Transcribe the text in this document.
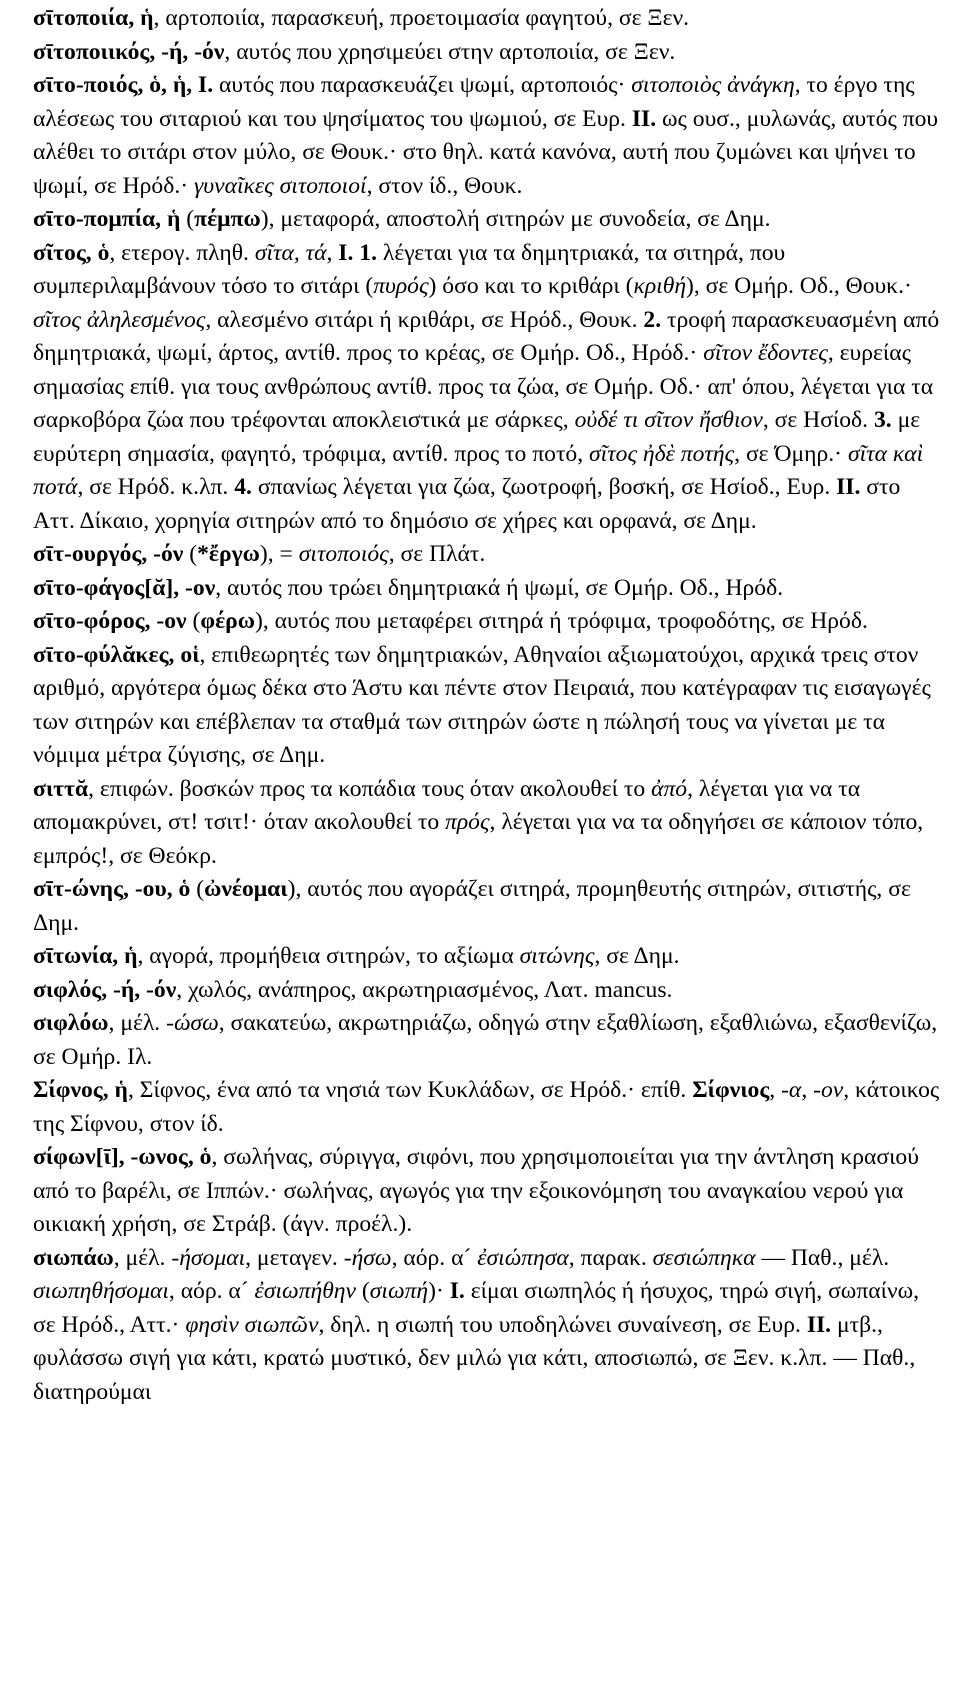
σῑτοποιία, ἡ, αρτοποιία, παρασκευή, προετοιμασία φαγητού, σε Ξεν.

σῑτοποιικός, -ή, -όν, αυτός που χρησιμεύει στην αρτοποιία, σε Ξεν.

σῑτο-ποιός, ὁ, ἡ, Ι. αυτός που παρασκευάζει ψωμί, αρτοποιός· σιτοποιὸς ἀνάγκη, το έργο της αλέσεως του σιταριού και του ψησίματος του ψωμιού, σε Ευρ. ΙΙ. ως ουσ., μυλωνάς, αυτός που αλέθει το σιτάρι στον μύλο, σε Θουκ.· στο θηλ. κατά κανόνα, αυτή που ζυμώνει και ψήνει το ψωμί, σε Ηρόδ.· γυναῖκες σιτοποιοί, στον ίδ., Θουκ.

σῑτο-πομπία, ἡ (πέμπω), μεταφορά, αποστολή σιτηρών με συνοδεία, σε Δημ.

σῖτος, ὁ, ετερογ. πληθ. σῖτα, τά, Ι. 1. λέγεται για τα δημητριακά, τα σιτηρά, που συμπεριλαμβάνουν τόσο το σιτάρι (πυρός) όσο και το κριθάρι (κριθή), σε Ομήρ. Οδ., Θουκ.· σῖτος ἀληλεσμένος, αλεσμένο σιτάρι ή κριθάρι, σε Ηρόδ., Θουκ. 2. τροφή παρασκευασμένη από δημητριακά, ψωμί, άρτος, αντίθ. προς το κρέας, σε Ομήρ. Οδ., Ηρόδ.· σῖτον ἔδοντες, ευρείας σημασίας επίθ. για τους ανθρώπους αντίθ. προς τα ζώα, σε Ομήρ. Οδ.· απ' όπου, λέγεται για τα σαρκοβόρα ζώα που τρέφονται αποκλειστικά με σάρκες, οὐδέ τι σῖτον ἤσθιον, σε Ησίοδ. 3. με ευρύτερη σημασία, φαγητό, τρόφιμα, αντίθ. προς το ποτό, σῖτος ἠδὲ ποτής, σε Όμηρ.· σῖτα καὶ ποτά, σε Ηρόδ. κ.λπ. 4. σπανίως λέγεται για ζώα, ζωοτροφή, βοσκή, σε Ησίοδ., Ευρ. ΙΙ. στο Αττ. Δίκαιο, χορηγία σιτηρών από το δημόσιο σε χήρες και ορφανά, σε Δημ.

σῑτ-ουργός, -όν (*ἔργω), = σιτοποιός, σε Πλάτ.

σῑτο-φάγος[ᾰ], -ον, αυτός που τρώει δημητριακά ή ψωμί, σε Ομήρ. Οδ., Ηρόδ.

σῑτο-φόρος, -ον (φέρω), αυτός που μεταφέρει σιτηρά ή τρόφιμα, τροφοδότης, σε Ηρόδ.

σῑτο-φύλᾰκες, οἱ, επιθεωρητές των δημητριακών, Αθηναίοι αξιωματούχοι, αρχικά τρεις στον αριθμό, αργότερα όμως δέκα στο Άστυ και πέντε στον Πειραιά, που κατέγραφαν τις εισαγωγές των σιτηρών και επέβλεπαν τα σταθμά των σιτηρών ώστε η πώλησή τους να γίνεται με τα νόμιμα μέτρα ζύγισης, σε Δημ.

σιττᾰ, επιφών. βοσκών προς τα κοπάδια τους όταν ακολουθεί το ἀπό, λέγεται για να τα απομακρύνει, στ! τσιτ!· όταν ακολουθεί το πρός, λέγεται για να τα οδηγήσει σε κάποιον τόπο, εμπρός!, σε Θεόκρ.

σῑτ-ώνης, -ου, ὁ (ὠνέομαι), αυτός που αγοράζει σιτηρά, προμηθευτής σιτηρών, σιτιστής, σε Δημ.

σῑτωνία, ἡ, αγορά, προμήθεια σιτηρών, το αξίωμα σιτώνης, σε Δημ.

σιφλός, -ή, -όν, χωλός, ανάπηρος, ακρωτηριασμένος, Λατ. mancus.

σιφλόω, μέλ. -ώσω, σακατεύω, ακρωτηριάζω, οδηγώ στην εξαθλίωση, εξαθλιώνω, εξασθενίζω, σε Ομήρ. Ιλ.

Σίφνος, ἡ, Σίφνος, ένα από τα νησιά των Κυκλάδων, σε Ηρόδ.· επίθ. Σίφνιος, -α, -ον, κάτοικος της Σίφνου, στον ίδ.

σίφων[ῑ], -ωνος, ὁ, σωλήνας, σύριγγα, σιφόνι, που χρησιμοποιείται για την άντληση κρασιού από το βαρέλι, σε Ιππών.· σωλήνας, αγωγός για την εξοικονόμηση του αναγκαίου νερού για οικιακή χρήση, σε Στράβ. (άγν. προέλ.).

σιωπάω, μέλ. -ήσομαι, μεταγεν. -ήσω, αόρ. α´ ἐσιώπησα, παρακ. σεσιώπηκα — Παθ., μέλ. σιωπηθήσομαι, αόρ. α´ ἐσιωπήθην (σιωπή)· Ι. είμαι σιωπηλός ή ήσυχος, τηρώ σιγή, σωπαίνω, σε Ηρόδ., Αττ.· φησὶν σιωπῶν, δηλ. η σιωπή του υποδηλώνει συναίνεση, σε Ευρ. ΙΙ. μτβ., φυλάσσω σιγή για κάτι, κρατώ μυστικό, δεν μιλώ για κάτι, αποσιωπώ, σε Ξεν. κ.λπ. — Παθ., διατηρούμαι
